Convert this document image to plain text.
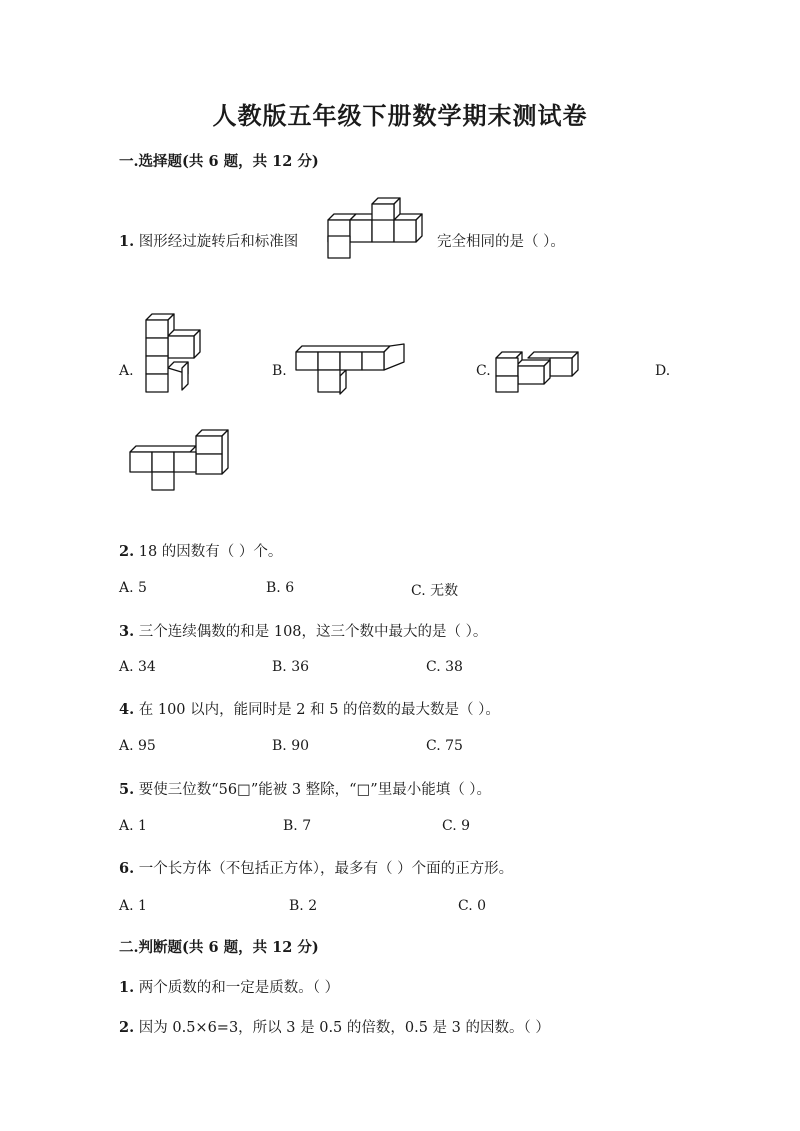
人教版五年级下册数学期末测试卷
一.选择题(共 6 题，共 12 分)
1. 图形经过旋转后和标准图	完全相同的是（ ）。
A.	B.	C.	D.
2. 18 的因数有（ ）个。
A. 5	B. 6	C. 无数
3. 三个连续偶数的和是 108，这三个数中最大的是（ ）。
A. 34	B. 36	C. 38
4. 在 100 以内，能同时是 2 和 5 的倍数的最大数是（ ）。
A. 95	B. 90	C. 75
5. 要使三位数“56□”能被 3 整除，“□”里最小能填（ ）。
A. 1	B. 7	C. 9
6. 一个长方体（不包括正方体），最多有（ ）个面的正方形。
A. 1	B. 2	C. 0
二.判断题(共 6 题，共 12 分)
1. 两个质数的和一定是质数。（ ）
2. 因为 0.5×6=3，所以 3 是 0.5 的倍数，0.5 是 3 的因数。（ ）
